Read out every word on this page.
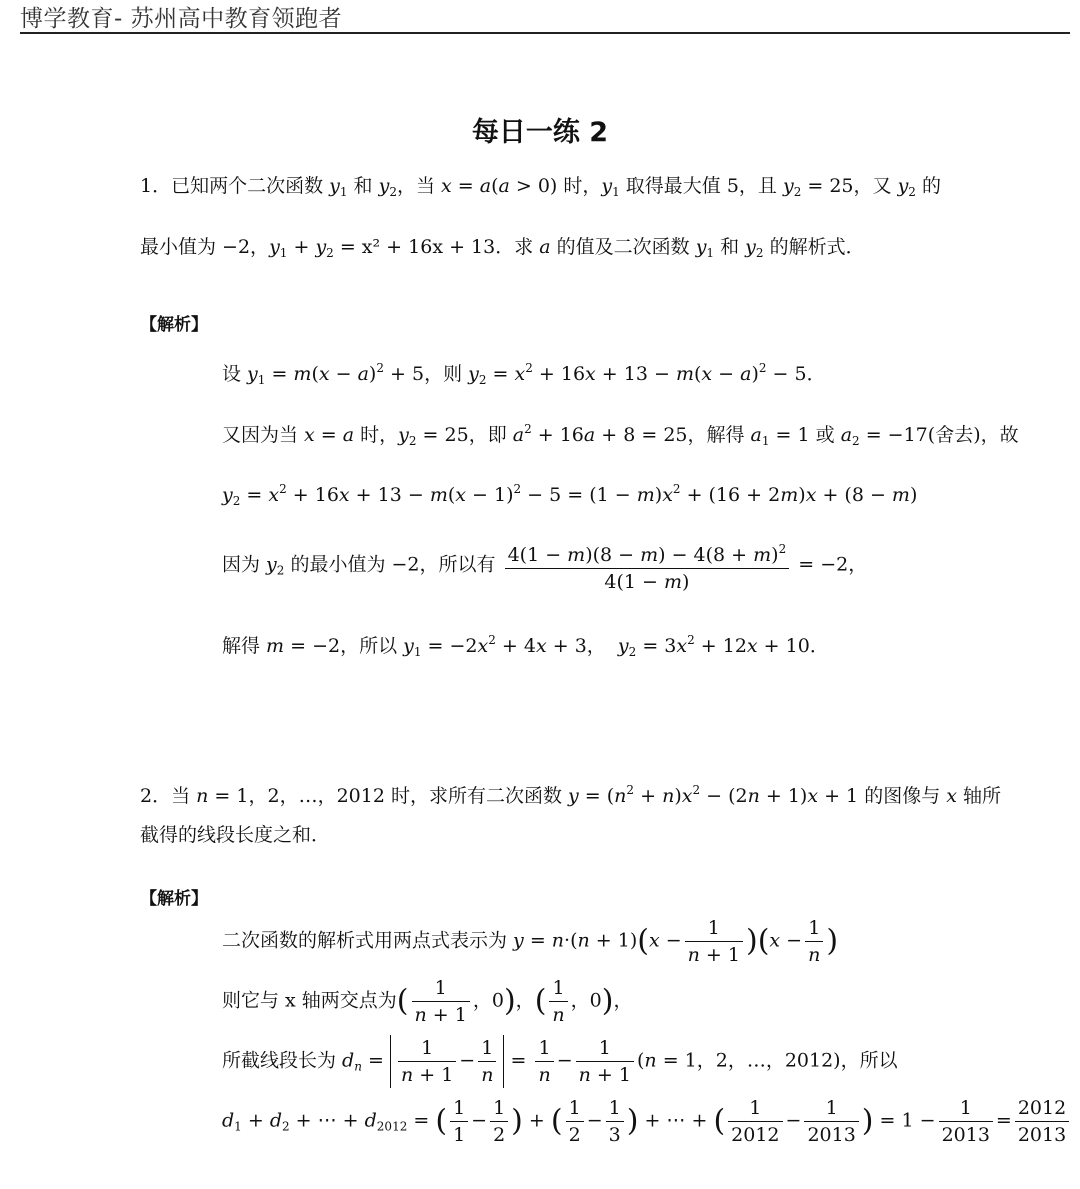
博学教育- 苏州高中教育领跑者
每日一练 2
1．已知两个二次函数 $y_1$ 和 $y_2$，当 x = a(a > 0) 时，$y_1$ 取得最大值 5，且 $y_2 = 25$，又 $y_2$ 的
最小值为 −2，$y_1 + y_2 = x^2 + 16x + 13$．求 a 的值及二次函数 $y_1$ 和 $y_2$ 的解析式．
【解析】
设 $y_1 = m(x - a)^2 + 5$，则 $y_2 = x^2 + 16x + 13 - m(x - a)^2 - 5$．
又因为当 x = a 时，$y_2 = 25$，即 $a^2 + 16a + 8 = 25$，解得 $a_1 = 1$ 或 $a_2 = -17$(舍去)，故
$y_2 = x^2 + 16x + 13 - m(x - 1)^2 - 5 = (1 - m)x^2 + (16 + 2m)x + (8 - m)$
因为 $y_2$ 的最小值为 −2，所以有 $\frac{4(1 - m)(8 - m) - 4(8 + m)^2}{4(1 - m)} = -2$，
解得 m = −2，所以 $y_1 = -2x^2 + 4x + 3$， $y_2 = 3x^2 + 12x + 10$．
2．当 n = 1，2，…，2012 时，求所有二次函数 $y = (n^2 + n)x^2 - (2n + 1)x + 1$ 的图像与 x 轴所
截得的线段长度之和．
【解析】
二次函数的解析式用两点式表示为 $y = n\cdot(n + 1)(x - \frac{1}{n + 1} )(x - \frac{1}{n}$ )
则它与 x 轴两交点为( $\frac{1}{n + 1}$ ，0)，( $\frac{1}{n}$ ，0)，
所截线段长为 $d_n = \frac{1}{n + 1} - \frac{1}{n} = \frac{1}{n} - \frac{1}{n + 1} (n = 1$，2，…，2012)，所以
$d_1 + d_2$ + ⋯ + $d_{2012}$ = ( $\frac{1}{1} - \frac{1}{2}$ ) + ( $\frac{1}{2} - \frac{1}{3}$ ) + ⋯ + ( $\frac{1}{2012} - \frac{1}{2013}$ ) = $1 - \frac{1}{2013} = \frac{2012}{2013}$
